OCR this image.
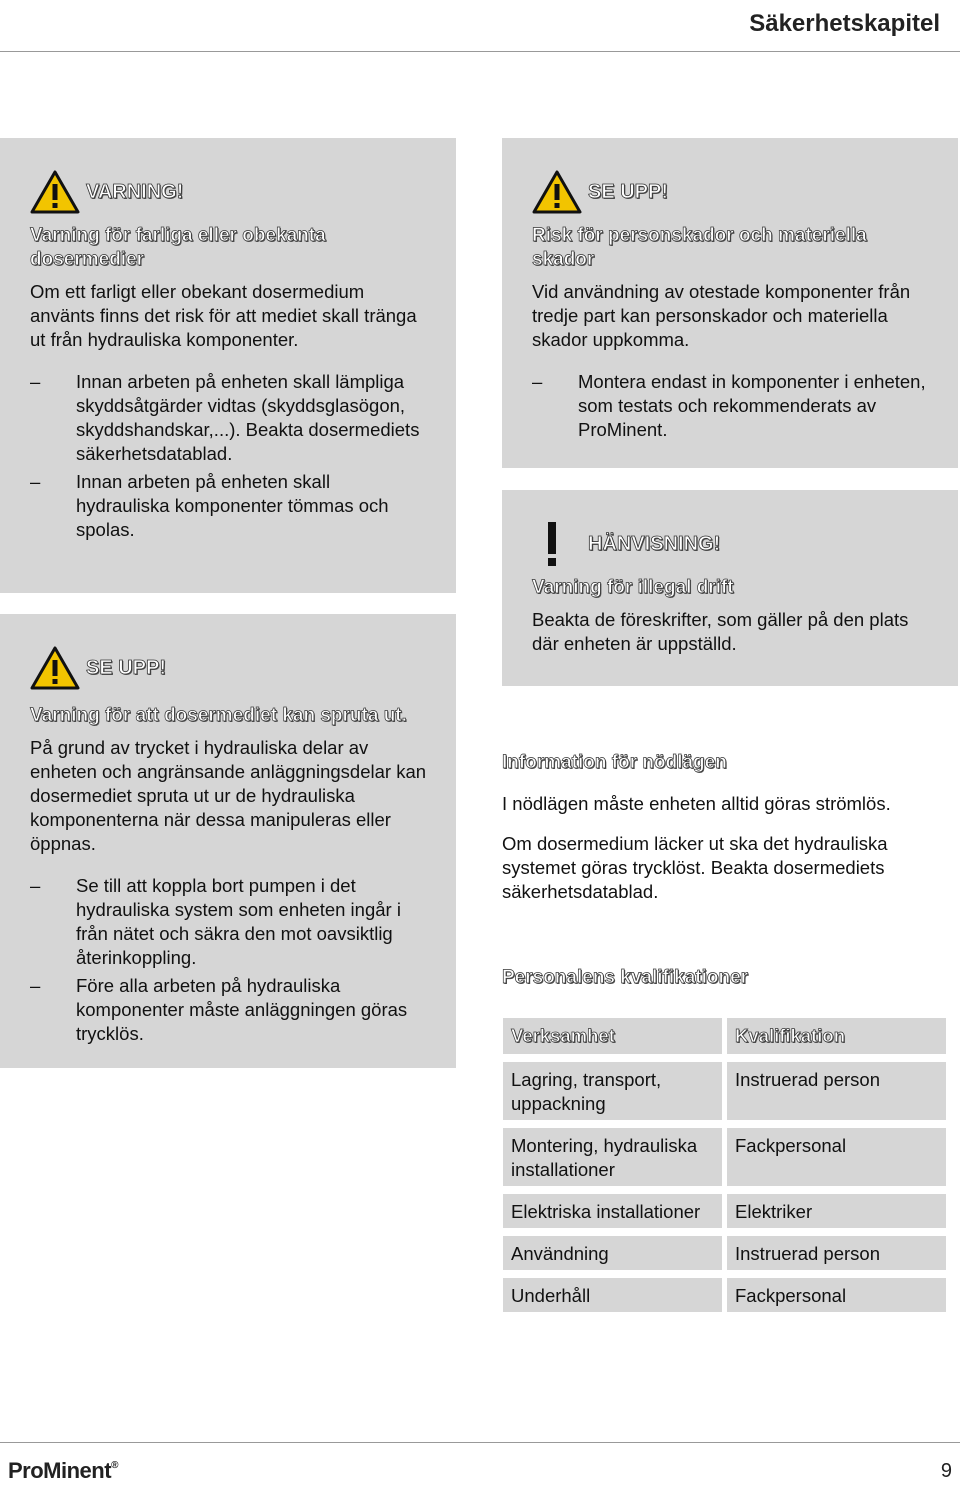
Säkerhetskapitel
VARNING!
Varning för farliga eller obekanta dosermedier
Om ett farligt eller obekant dosermedium använts finns det risk för att mediet skall tränga ut från hydrauliska komponenter.
– Innan arbeten på enheten skall lämpliga skyddsåtgärder vidtas (skyddsglasögon, skyddshandskar,...). Beakta dosermediets säkerhetsdatablad.
– Innan arbeten på enheten skall hydrauliska komponenter tömmas och spolas.
SE UPP!
Varning för att dosermediet kan spruta ut.
På grund av trycket i hydrauliska delar av enheten och angränsande anläggningsdelar kan dosermediet spruta ut ur de hydrauliska komponenterna när dessa manipuleras eller öppnas.
– Se till att koppla bort pumpen i det hydrauliska system som enheten ingår i från nätet och säkra den mot oavsiktlig återinkoppling.
– Före alla arbeten på hydrauliska komponenter måste anläggningen göras trycklös.
SE UPP!
Risk för personskador och materiella skador
Vid användning av otestade komponenter från tredje part kan personskador och materiella skador uppkomma.
– Montera endast in komponenter i enheten, som testats och rekommenderats av ProMinent.
HÄNVISNING!
Varning för illegal drift
Beakta de föreskrifter, som gäller på den plats där enheten är uppställd.
Information för nödlägen
I nödlägen måste enheten alltid göras strömlös.
Om dosermedium läcker ut ska det hydrauliska systemet göras trycklöst. Beakta dosermediets säkerhetsdatablad.
Personalens kvalifikationer
Verksamhet	Kvalifikation
Lagring, transport, uppackning	Instruerad person
Montering, hydrauliska installationer	Fackpersonal
Elektriska installationer	Elektriker
Användning	Instruerad person
Underhåll	Fackpersonal
ProMinent®	9
